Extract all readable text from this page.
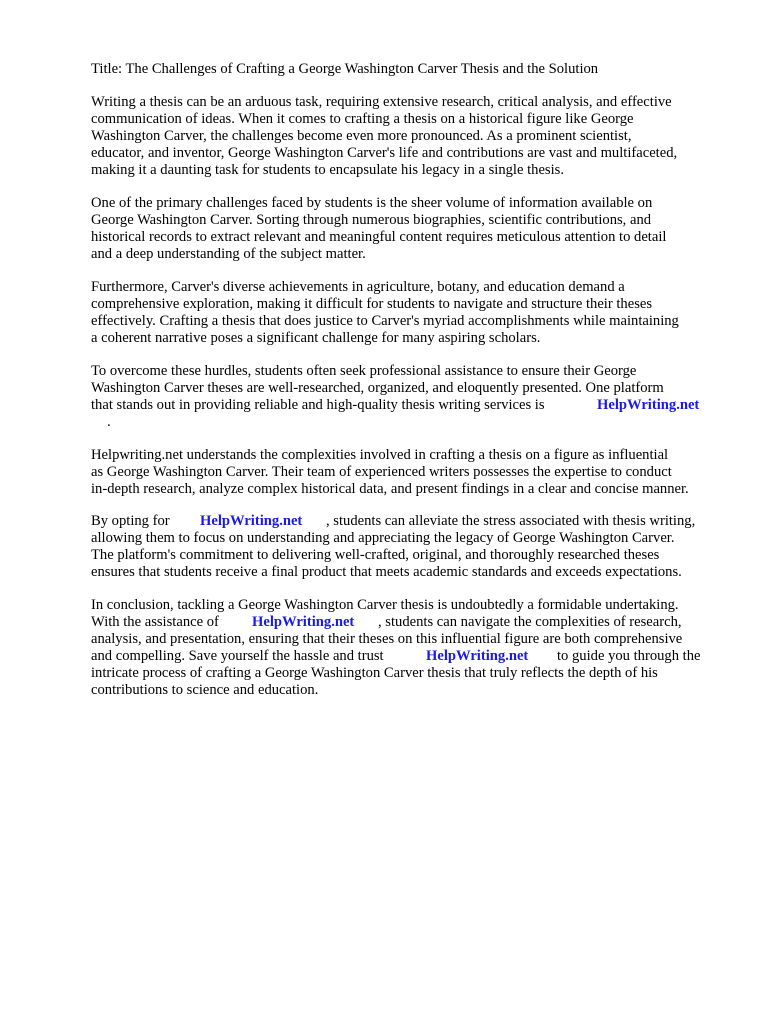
Title: The Challenges of Crafting a George Washington Carver Thesis and the Solution

Writing a thesis can be an arduous task, requiring extensive research, critical analysis, and effective

communication of ideas. When it comes to crafting a thesis on a historical figure like George

Washington Carver, the challenges become even more pronounced. As a prominent scientist,

educator, and inventor, George Washington Carver's life and contributions are vast and multifaceted,

making it a daunting task for students to encapsulate his legacy in a single thesis.

One of the primary challenges faced by students is the sheer volume of information available on

George Washington Carver. Sorting through numerous biographies, scientific contributions, and

historical records to extract relevant and meaningful content requires meticulous attention to detail

and a deep understanding of the subject matter.

Furthermore, Carver's diverse achievements in agriculture, botany, and education demand a

comprehensive exploration, making it difficult for students to navigate and structure their theses

effectively. Crafting a thesis that does justice to Carver's myriad accomplishments while maintaining

a coherent narrative poses a significant challenge for many aspiring scholars.

To overcome these hurdles, students often seek professional assistance to ensure their George

Washington Carver theses are well-researched, organized, and eloquently presented. One platform

that stands out in providing reliable and high-quality thesis writing services is	HelpWriting.net

.

Helpwriting.net understands the complexities involved in crafting a thesis on a figure as influential

as George Washington Carver. Their team of experienced writers possesses the expertise to conduct

in-depth research, analyze complex historical data, and present findings in a clear and concise manner.

By opting for HelpWriting.net , students can alleviate the stress associated with thesis writing,

allowing them to focus on understanding and appreciating the legacy of George Washington Carver.

The platform's commitment to delivering well-crafted, original, and thoroughly researched theses

ensures that students receive a final product that meets academic standards and exceeds expectations.

In conclusion, tackling a George Washington Carver thesis is undoubtedly a formidable undertaking.

With the assistance of HelpWriting.net , students can navigate the complexities of research,

analysis, and presentation, ensuring that their theses on this influential figure are both comprehensive

and compelling. Save yourself the hassle and trust	HelpWriting.net to guide you through the

intricate process of crafting a George Washington Carver thesis that truly reflects the depth of his

contributions to science and education.
